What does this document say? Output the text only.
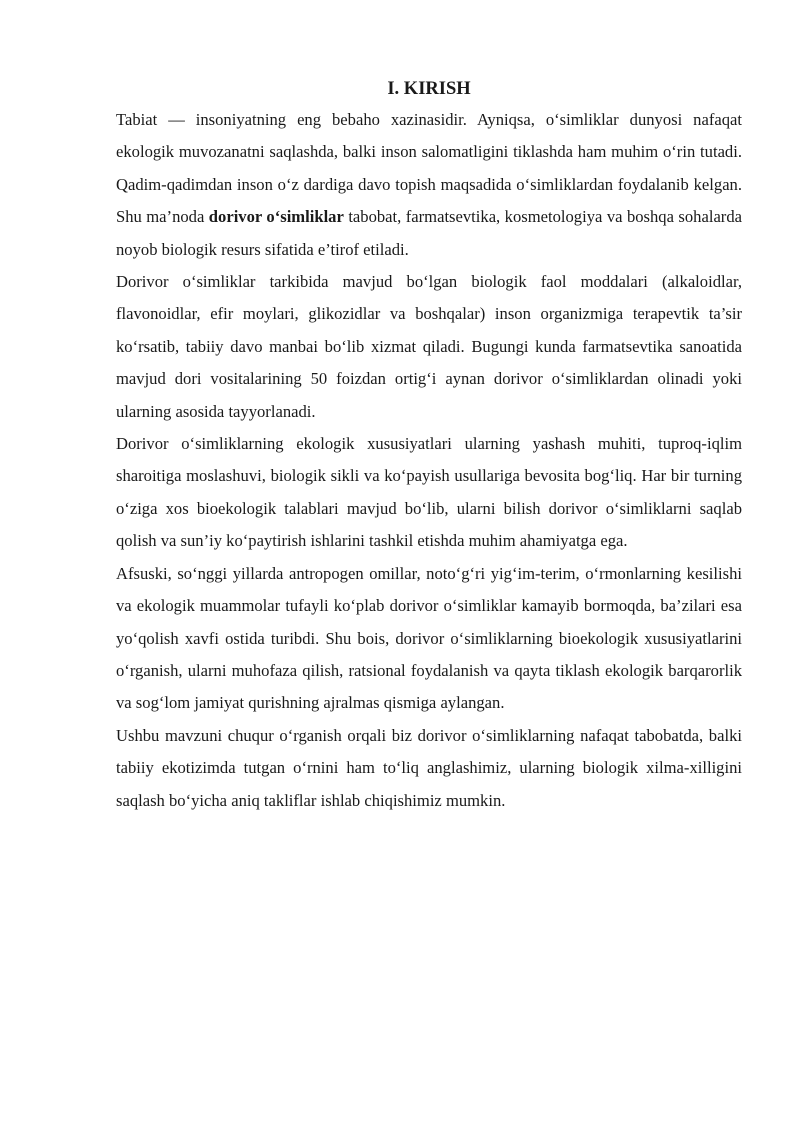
I. KIRISH

Tabiat — insoniyatning eng bebaho xazinasidir. Ayniqsa, o‘simliklar dunyosi nafaqat ekologik muvozanatni saqlashda, balki inson salomatligini tiklashda ham muhim o‘rin tutadi. Qadim-qadimdan inson o‘z dardiga davo topish maqsadida o‘simliklardan foydalanib kelgan. Shu ma’noda dorivor o‘simliklar tabobat, farmatsevtika, kosmetologiya va boshqa sohalarda noyob biologik resurs sifatida e’tirof etiladi.

Dorivor o‘simliklar tarkibida mavjud bo‘lgan biologik faol moddalari (alkaloidlar, flavonoidlar, efir moylari, glikozidlar va boshqalar) inson organizmiga terapevtik ta’sir ko‘rsatib, tabiiy davo manbai bo‘lib xizmat qiladi. Bugungi kunda farmatsevtika sanoatida mavjud dori vositalarining 50 foizdan ortig‘i aynan dorivor o‘simliklardan olinadi yoki ularning asosida tayyorlanadi.

Dorivor o‘simliklarning ekologik xususiyatlari ularning yashash muhiti, tuproq-iqlim sharoitiga moslashuvi, biologik sikli va ko‘payish usullariga bevosita bog‘liq. Har bir turning o‘ziga xos bioekologik talablari mavjud bo‘lib, ularni bilish dorivor o‘simliklarni saqlab qolish va sun’iy ko‘paytirish ishlarini tashkil etishda muhim ahamiyatga ega.

Afsuski, so‘nggi yillarda antropogen omillar, noto‘g‘ri yig‘im-terim, o‘rmonlarning kesilishi va ekologik muammolar tufayli ko‘plab dorivor o‘simliklar kamayib bormoqda, ba’zilari esa yo‘qolish xavfi ostida turibdi. Shu bois, dorivor o‘simliklarning bioekologik xususiyatlarini o‘rganish, ularni muhofaza qilish, ratsional foydalanish va qayta tiklash ekologik barqarorlik va sog‘lom jamiyat qurishning ajralmas qismiga aylangan.

Ushbu mavzuni chuqur o‘rganish orqali biz dorivor o‘simliklarning nafaqat tabobatda, balki tabiiy ekotizimda tutgan o‘rnini ham to‘liq anglashimiz, ularning biologik xilma-xilligini saqlash bo‘yicha aniq takliflar ishlab chiqishimiz mumkin.
